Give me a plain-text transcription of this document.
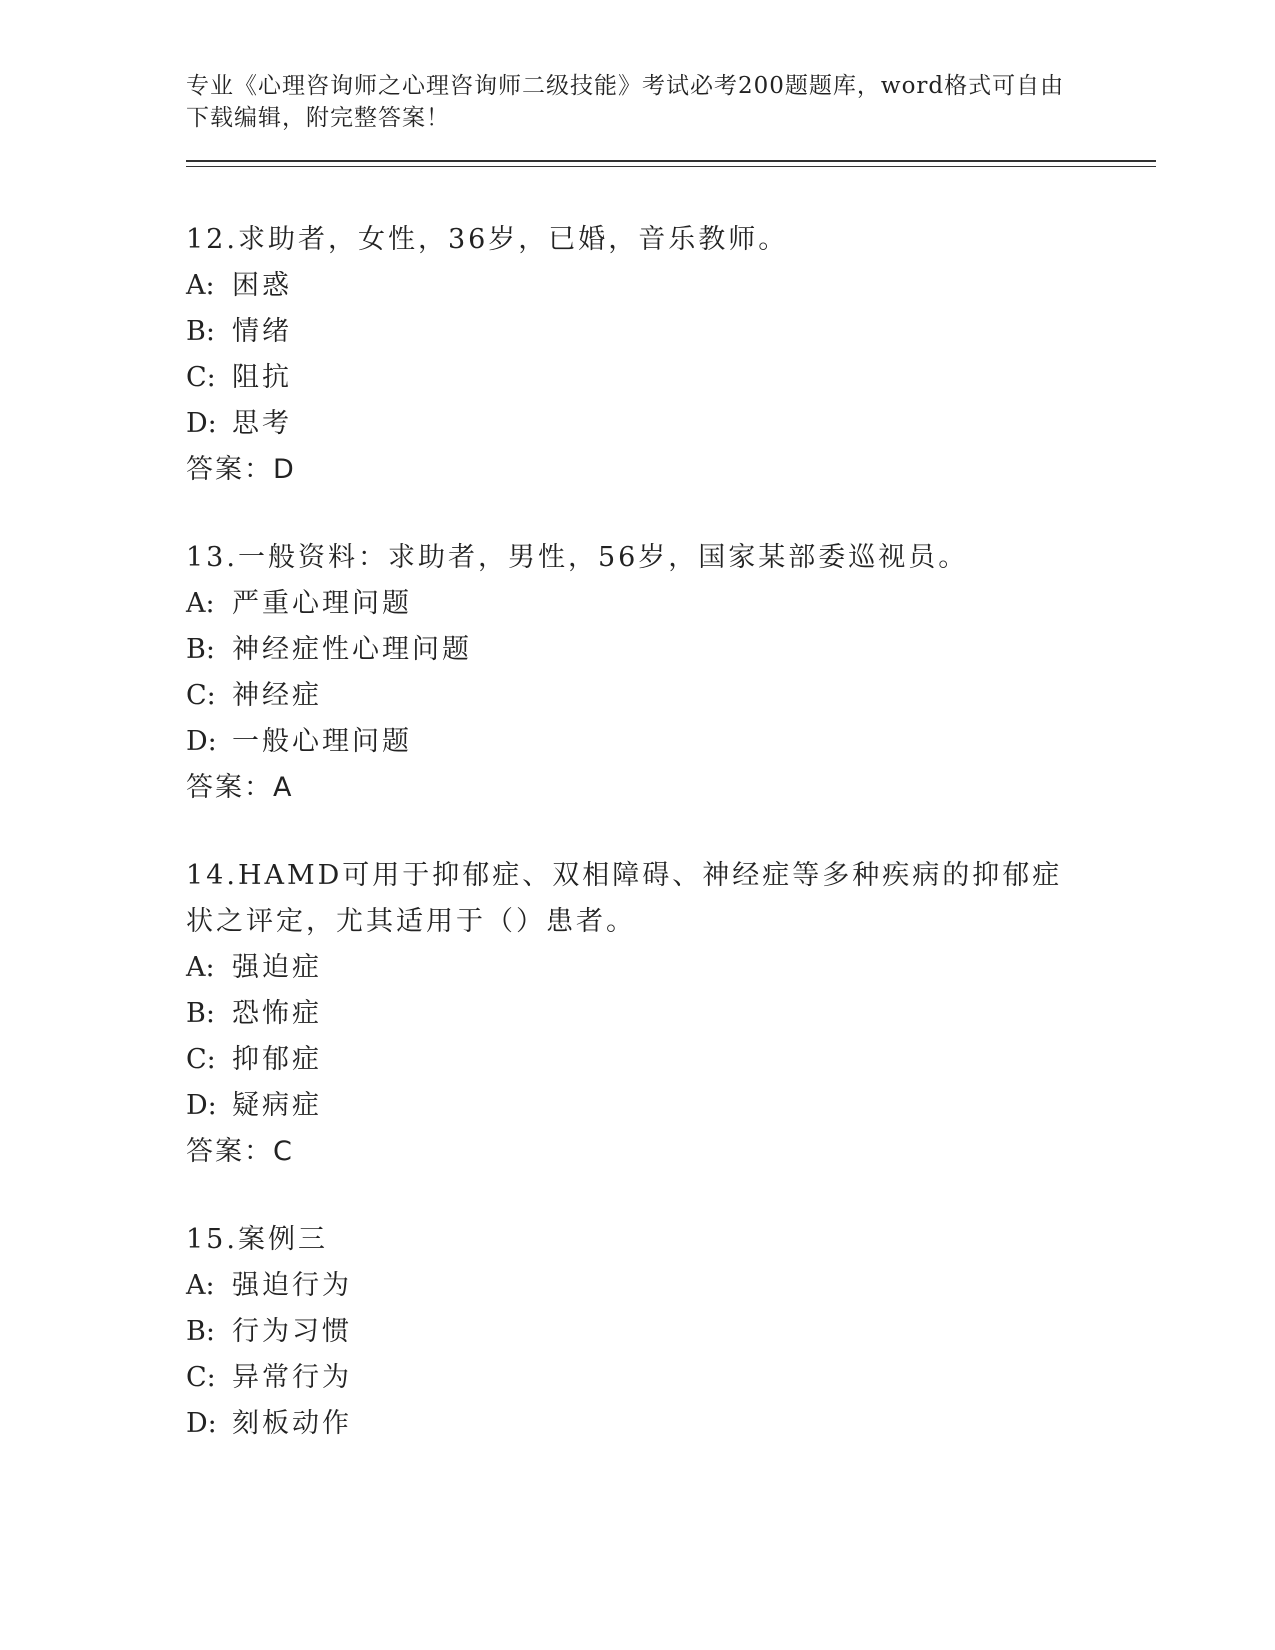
专业《心理咨询师之心理咨询师二级技能》考试必考200题题库，word格式可自由下载编辑，附完整答案！

12.求助者，女性，36岁，已婚，音乐教师。

A: 困惑

B: 情绪

C: 阻抗

D: 思考

答案：D

13.一般资料：求助者，男性，56岁，国家某部委巡视员。

A: 严重心理问题

B: 神经症性心理问题

C: 神经症

D: 一般心理问题

答案：A

14.HAMD可用于抑郁症、双相障碍、神经症等多种疾病的抑郁症状之评定，尤其适用于（）患者。

A: 强迫症

B: 恐怖症

C: 抑郁症

D: 疑病症

答案：C

15.案例三

A: 强迫行为

B: 行为习惯

C: 异常行为

D: 刻板动作
